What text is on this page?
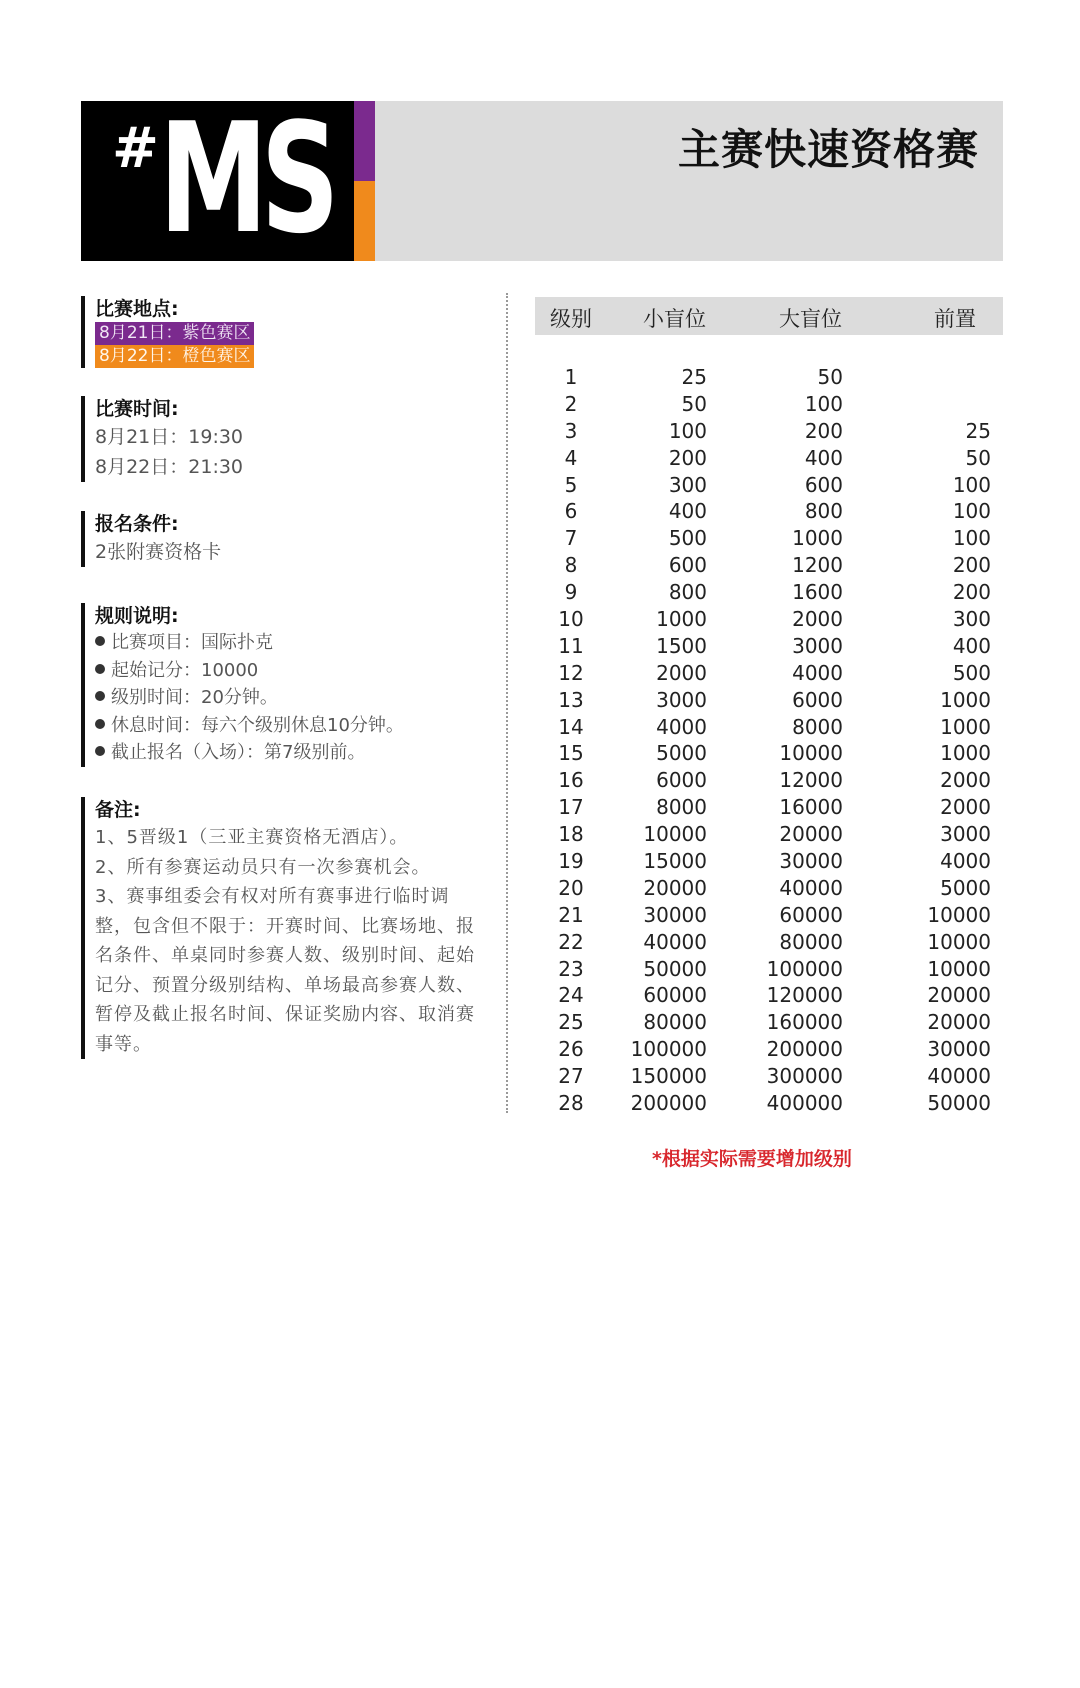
# MS	主赛快速资格赛
比赛地点:
8月21日：紫色赛区
8月22日：橙色赛区
比赛时间:
8月21日：19:30
8月22日：21:30
报名条件:
2张附赛资格卡
规则说明:
比赛项目：国际扑克
起始记分：10000
级别时间：20分钟。
休息时间：每六个级别休息10分钟。
截止报名（入场）：第7级别前。
备注:
1、5晋级1（三亚主赛资格无酒店）。
2、所有参赛运动员只有一次参赛机会。
3、赛事组委会有权对所有赛事进行临时调
整，包含但不限于：开赛时间、比赛场地、报
名条件、单桌同时参赛人数、级别时间、起始
记分、预置分级别结构、单场最高参赛人数、
暂停及截止报名时间、保证奖励内容、取消赛
事等。
级别 小盲位	大盲位	前置
1	25	50
2	50	100
3	100	200	25
4	200	400	50
5	300	600	100
6	400	800	100
7	500	1000	100
8	600	1200	200
9	800	1600	200
10	1000	2000	300
11	1500	3000	400
12	2000	4000	500
13	3000	6000	1000
14	4000	8000	1000
15	5000	10000	1000
16	6000	12000	2000
17	8000	16000	2000
18	10000	20000	3000
19	15000	30000	4000
20	20000	40000	5000
21	30000	60000	10000
22	40000	80000	10000
23	50000	100000	10000
24	60000	120000	20000
25	80000	160000	20000
26	100000	200000	30000
27	150000	300000	40000
28	200000	400000	50000
*根据实际需要增加级别
